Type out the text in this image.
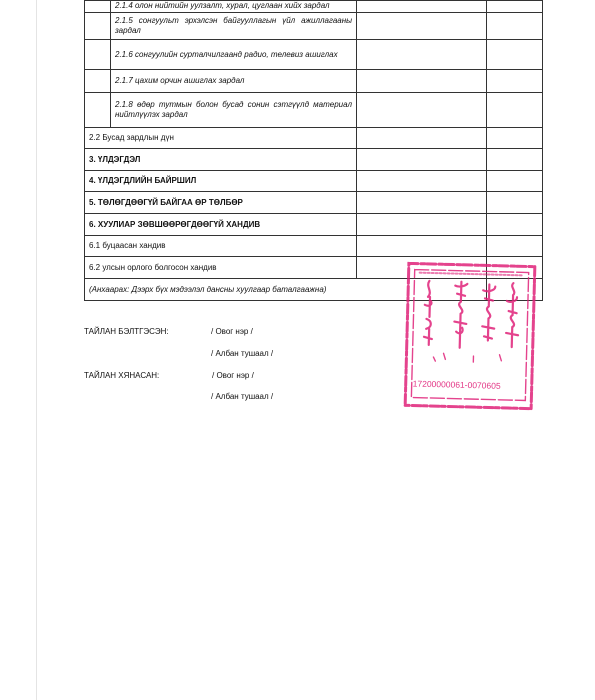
	2.1.4 олон нийтийн уулзалт, хурал, цуглаан хийх зардал		

	2.1.5 сонгуульт эрхэлсэн байгууллагын үйл ажиллагааны зардал		

	2.1.6 сонгуулийн сурталчилгаанд радио, телевиз ашиглах		

	2.1.7 цахим орчин ашиглах зардал		

	2.1.8 өдөр тутмын болон бусад сонин сэтгүүлд материал нийтлүүлэх зардал		

2.2 Бусад зардлын дүн			
3. ҮЛДЭГДЭЛ			
4. ҮЛДЭГДЛИЙН БАЙРШИЛ			
5. ТӨЛӨГДӨӨГҮЙ БАЙГАА ӨР ТӨЛБӨР			
6. ХУУЛИАР ЗӨВШӨӨРӨГДӨӨГҮЙ ХАНДИВ			
6.1 буцаасан хандив			
6.2 улсын орлого болгосон хандив			
(Анхаарах: Дээрх бүх мэдээлэл дансны хуулгаар баталгаажна)			
ТАЙЛАН БЭЛТГЭСЭН:	/ Овог нэр /
/ Албан тушаал /
ТАЙЛАН ХЯНАСАН:	/ Овог нэр /
/ Албан тушаал /
17200000061-0070605
